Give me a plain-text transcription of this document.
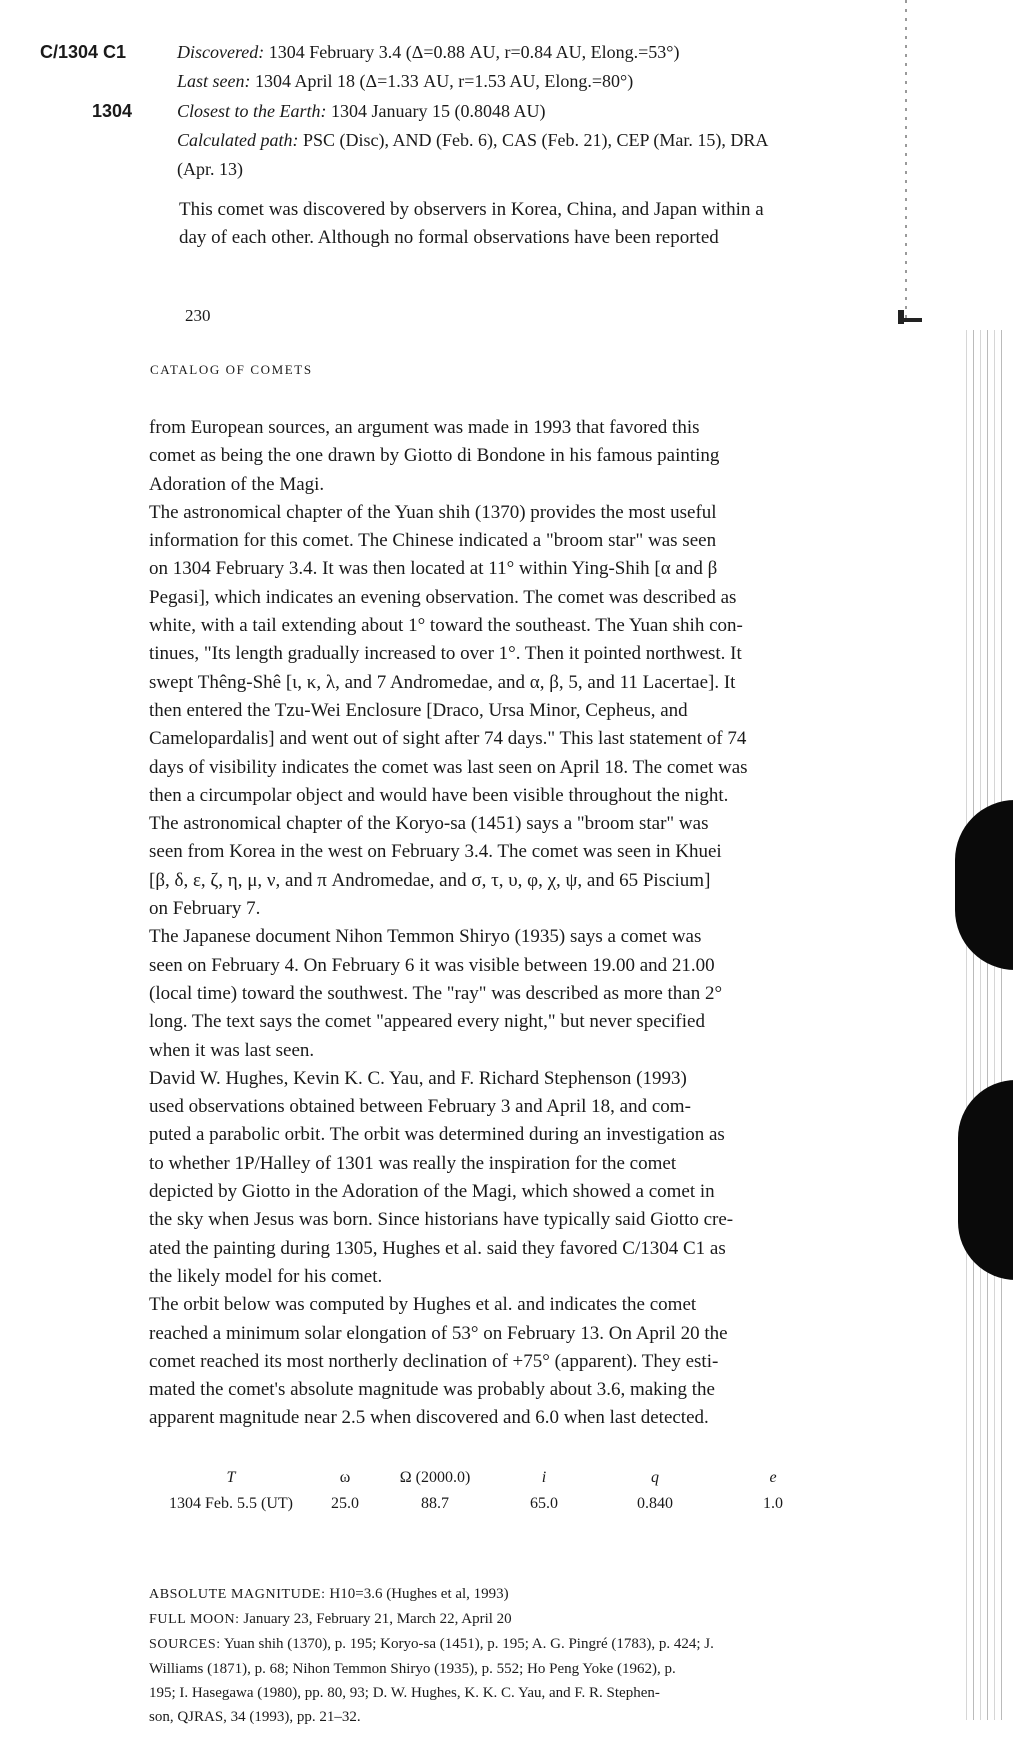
C/1304 C1
1304
Discovered: 1304 February 3.4 (Δ=0.88 AU, r=0.84 AU, Elong.=53°)
Last seen: 1304 April 18 (Δ=1.33 AU, r=1.53 AU, Elong.=80°)
Closest to the Earth: 1304 January 15 (0.8048 AU)
Calculated path: PSC (Disc), AND (Feb. 6), CAS (Feb. 21), CEP (Mar. 15), DRA
(Apr. 13)
This comet was discovered by observers in Korea, China, and Japan within a
day of each other. Although no formal observations have been reported
230
CATALOG OF COMETS
from European sources, an argument was made in 1993 that favored this
comet as being the one drawn by Giotto di Bondone in his famous painting
Adoration of the Magi.
The astronomical chapter of the Yuan shih (1370) provides the most useful
information for this comet. The Chinese indicated a "broom star" was seen
on 1304 February 3.4. It was then located at 11° within Ying-Shih [α and β
Pegasi], which indicates an evening observation. The comet was described as
white, with a tail extending about 1° toward the southeast. The Yuan shih con-
tinues, "Its length gradually increased to over 1°. Then it pointed northwest. It
swept Thêng-Shê [ι, κ, λ, and 7 Andromedae, and α, β, 5, and 11 Lacertae]. It
then entered the Tzu-Wei Enclosure [Draco, Ursa Minor, Cepheus, and
Camelopardalis] and went out of sight after 74 days." This last statement of 74
days of visibility indicates the comet was last seen on April 18. The comet was
then a circumpolar object and would have been visible throughout the night.
The astronomical chapter of the Koryo-sa (1451) says a "broom star" was
seen from Korea in the west on February 3.4. The comet was seen in Khuei
[β, δ, ε, ζ, η, μ, ν, and π Andromedae, and σ, τ, υ, φ, χ, ψ, and 65 Piscium]
on February 7.
The Japanese document Nihon Temmon Shiryo (1935) says a comet was
seen on February 4. On February 6 it was visible between 19.00 and 21.00
(local time) toward the southwest. The "ray" was described as more than 2°
long. The text says the comet "appeared every night," but never specified
when it was last seen.
David W. Hughes, Kevin K. C. Yau, and F. Richard Stephenson (1993)
used observations obtained between February 3 and April 18, and com-
puted a parabolic orbit. The orbit was determined during an investigation as
to whether 1P/Halley of 1301 was really the inspiration for the comet
depicted by Giotto in the Adoration of the Magi, which showed a comet in
the sky when Jesus was born. Since historians have typically said Giotto cre-
ated the painting during 1305, Hughes et al. said they favored C/1304 C1 as
the likely model for his comet.
The orbit below was computed by Hughes et al. and indicates the comet
reached a minimum solar elongation of 53° on February 13. On April 20 the
comet reached its most northerly declination of +75° (apparent). They esti-
mated the comet's absolute magnitude was probably about 3.6, making the
apparent magnitude near 2.5 when discovered and 6.0 when last detected.
T	ω	Ω (2000.0)	i	q	e
1304 Feb. 5.5 (UT)	25.0	88.7	65.0	0.840	1.0
ABSOLUTE MAGNITUDE: H10=3.6 (Hughes et al, 1993)
FULL MOON: January 23, February 21, March 22, April 20
SOURCES: Yuan shih (1370), p. 195; Koryo-sa (1451), p. 195; A. G. Pingré (1783), p. 424; J.
Williams (1871), p. 68; Nihon Temmon Shiryo (1935), p. 552; Ho Peng Yoke (1962), p.
195; I. Hasegawa (1980), pp. 80, 93; D. W. Hughes, K. K. C. Yau, and F. R. Stephen-
son, QJRAS, 34 (1993), pp. 21–32.
